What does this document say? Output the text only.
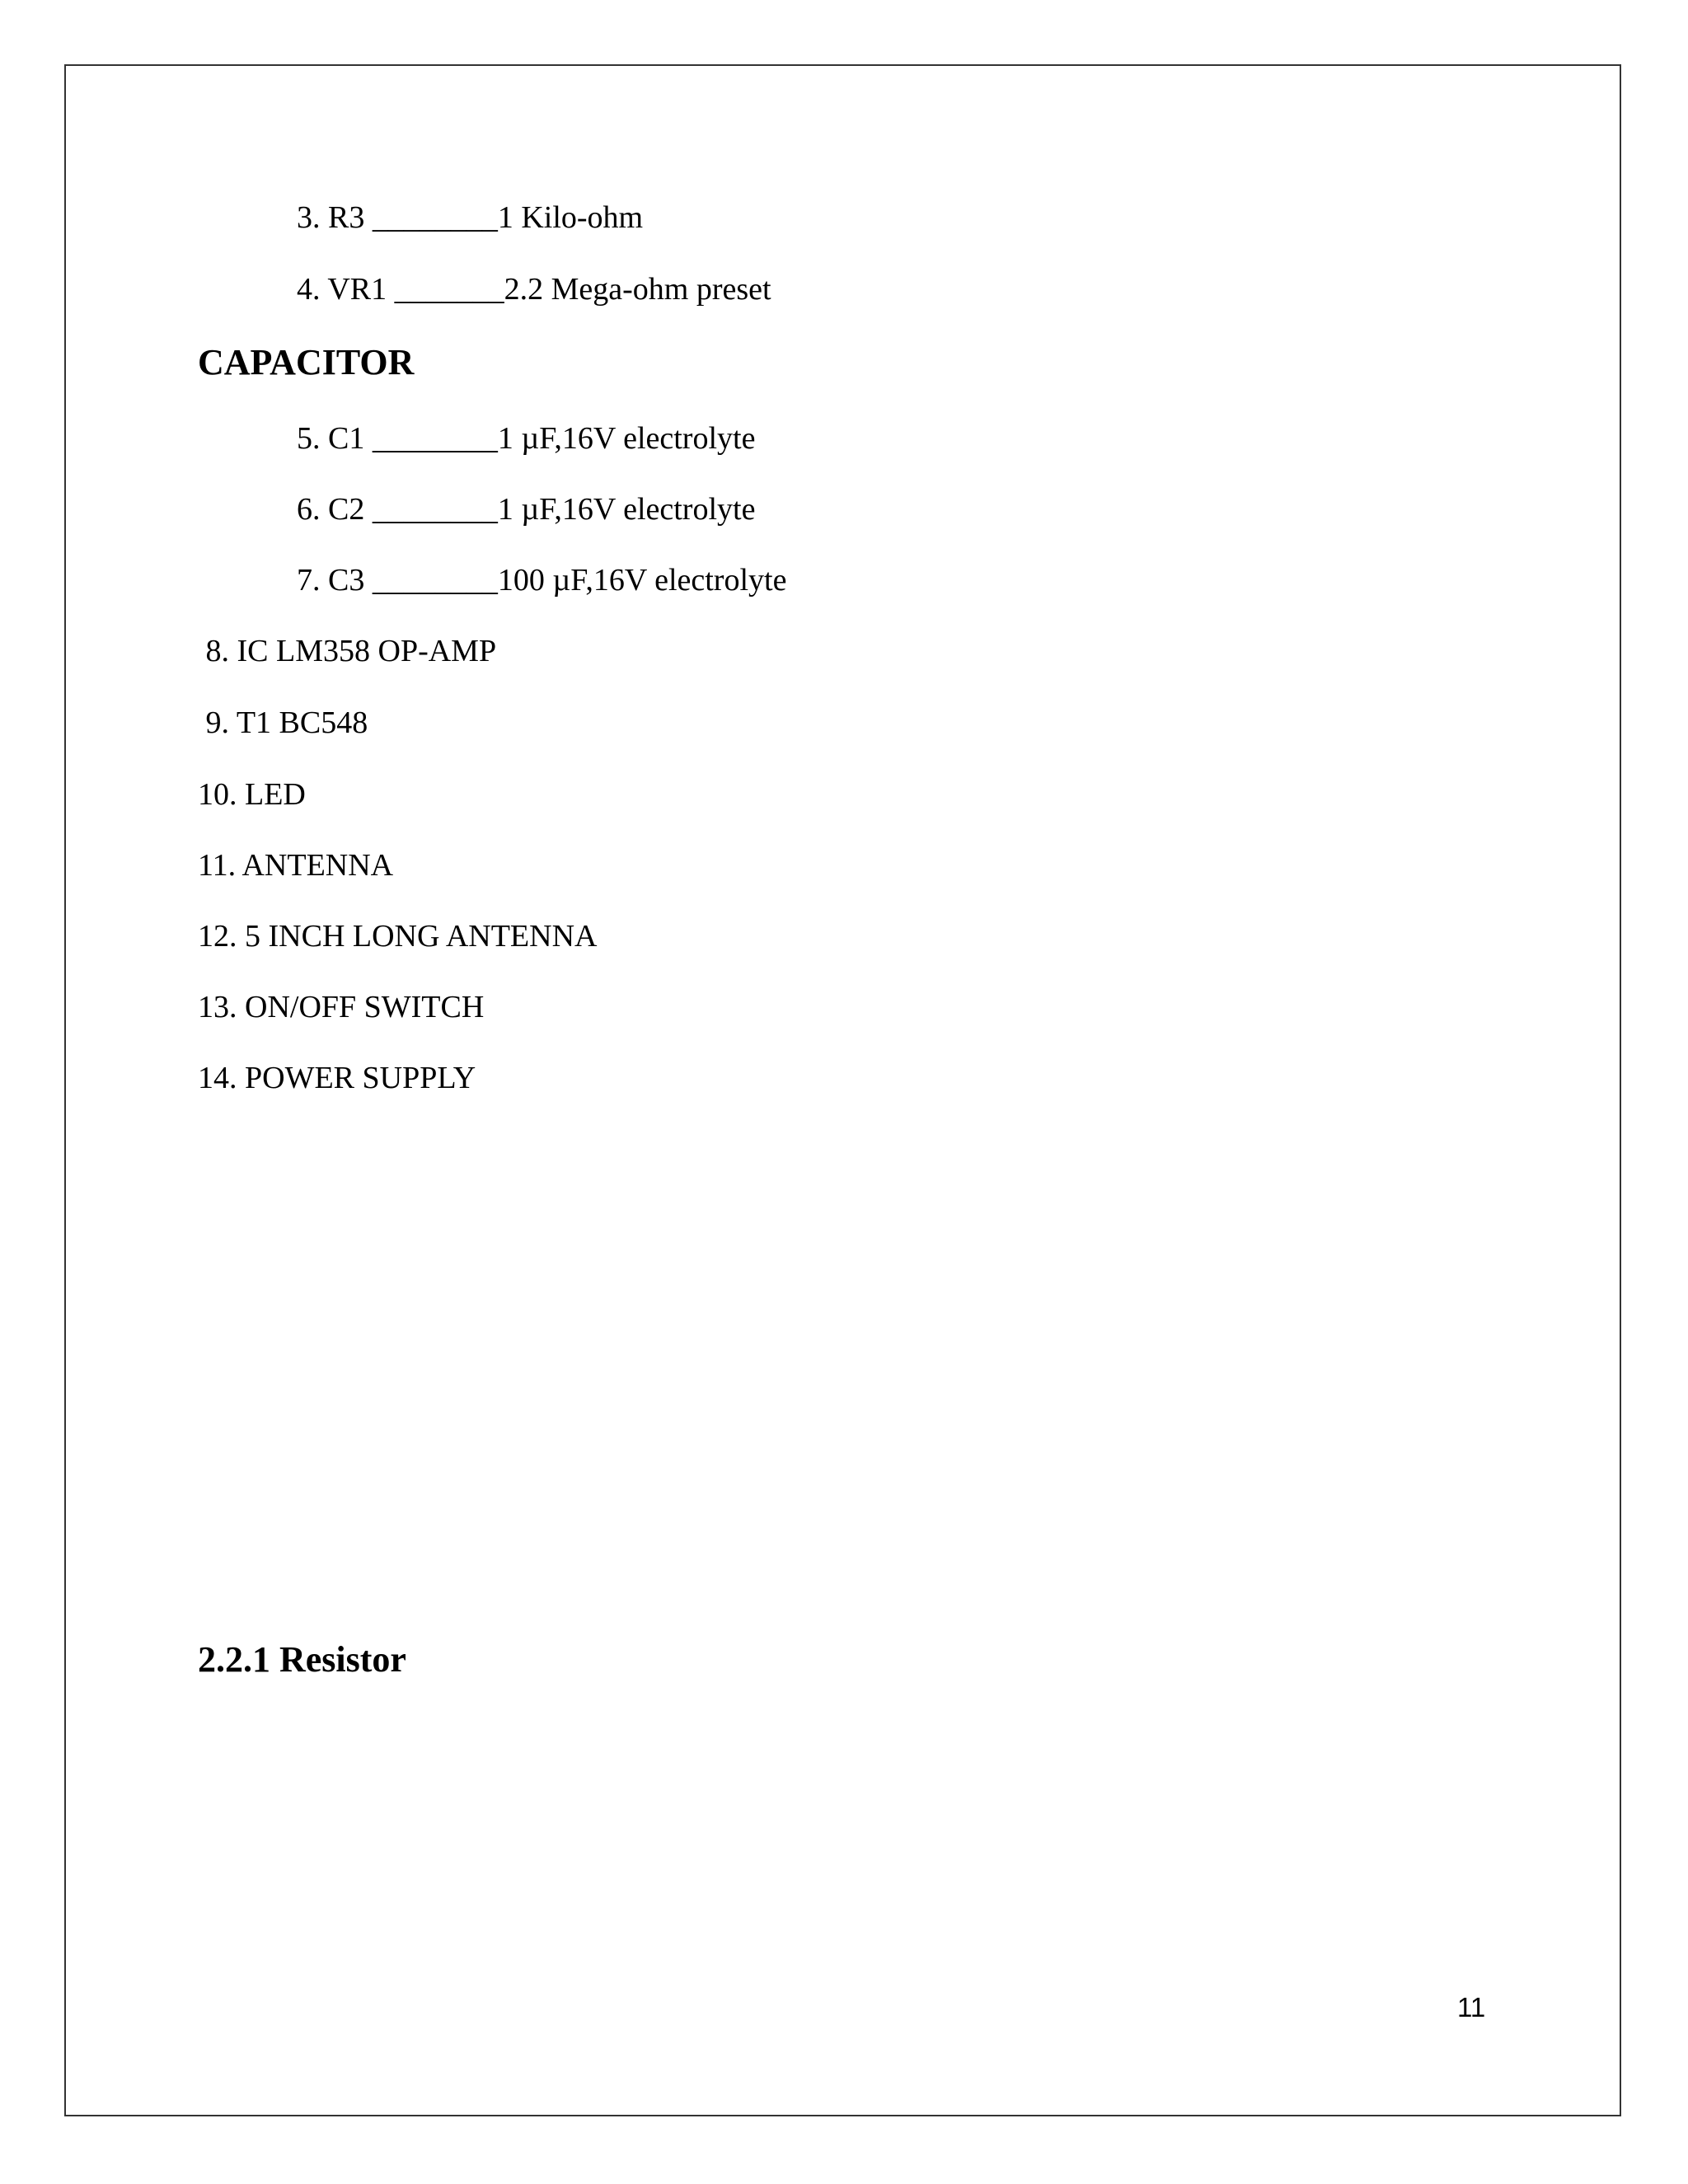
3. R3 ________1 Kilo-ohm
4. VR1 _______2.2 Mega-ohm preset
CAPACITOR
5. C1 ________1 µF,16V electrolyte
6. C2 ________1 µF,16V electrolyte
7. C3 ________100 µF,16V electrolyte
8. IC LM358 OP-AMP
9. T1 BC548
10. LED
11. ANTENNA
12. 5 INCH LONG ANTENNA
13. ON/OFF SWITCH
14. POWER SUPPLY
2.2.1 Resistor
11
